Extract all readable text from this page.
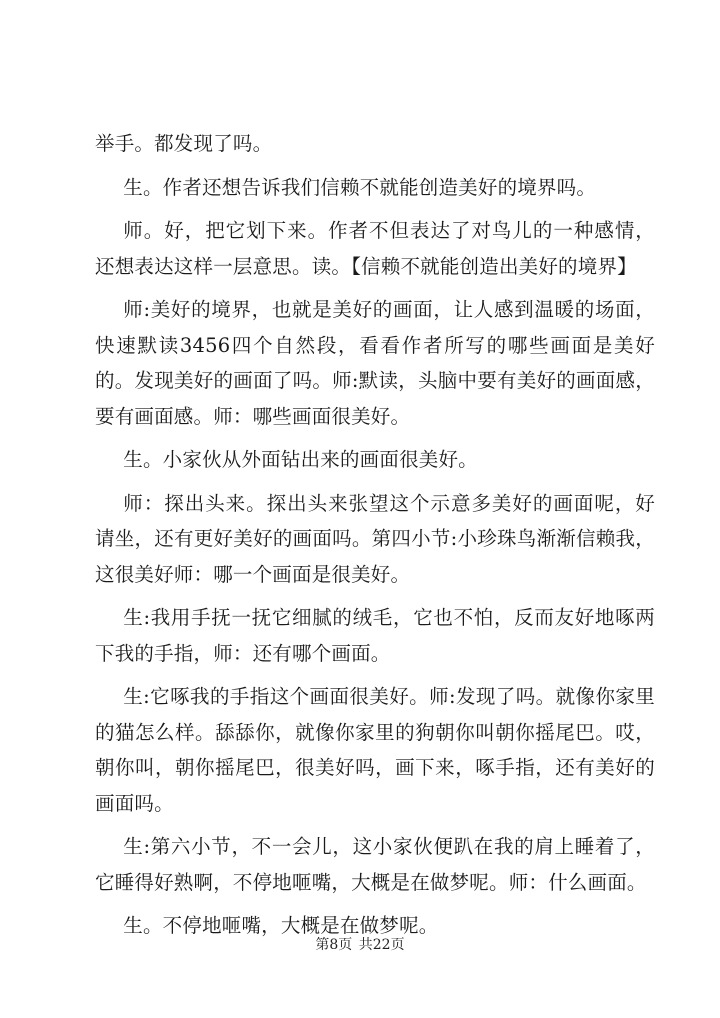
举手。都发现了吗。

生。作者还想告诉我们信赖不就能创造美好的境界吗。

师。好，把它划下来。作者不但表达了对鸟儿的一种感情，还想表达这样一层意思。读。【信赖不就能创造出美好的境界】

师:美好的境界，也就是美好的画面，让人感到温暖的场面，快速默读3456四个自然段，看看作者所写的哪些画面是美好的。发现美好的画面了吗。师:默读，头脑中要有美好的画面感，要有画面感。师：哪些画面很美好。

生。小家伙从外面钻出来的画面很美好。

师：探出头来。探出头来张望这个示意多美好的画面呢，好请坐，还有更好美好的画面吗。第四小节:小珍珠鸟渐渐信赖我，这很美好师：哪一个画面是很美好。

生:我用手抚一抚它细腻的绒毛，它也不怕，反而友好地啄两下我的手指，师：还有哪个画面。

生:它啄我的手指这个画面很美好。师:发现了吗。就像你家里的猫怎么样。舔舔你，就像你家里的狗朝你叫朝你摇尾巴。哎，朝你叫，朝你摇尾巴，很美好吗，画下来，啄手指，还有美好的画面吗。

生:第六小节，不一会儿，这小家伙便趴在我的肩上睡着了，它睡得好熟啊，不停地咂嘴，大概是在做梦呢。师：什么画面。

生。不停地咂嘴，大概是在做梦呢。

第8页 共22页
